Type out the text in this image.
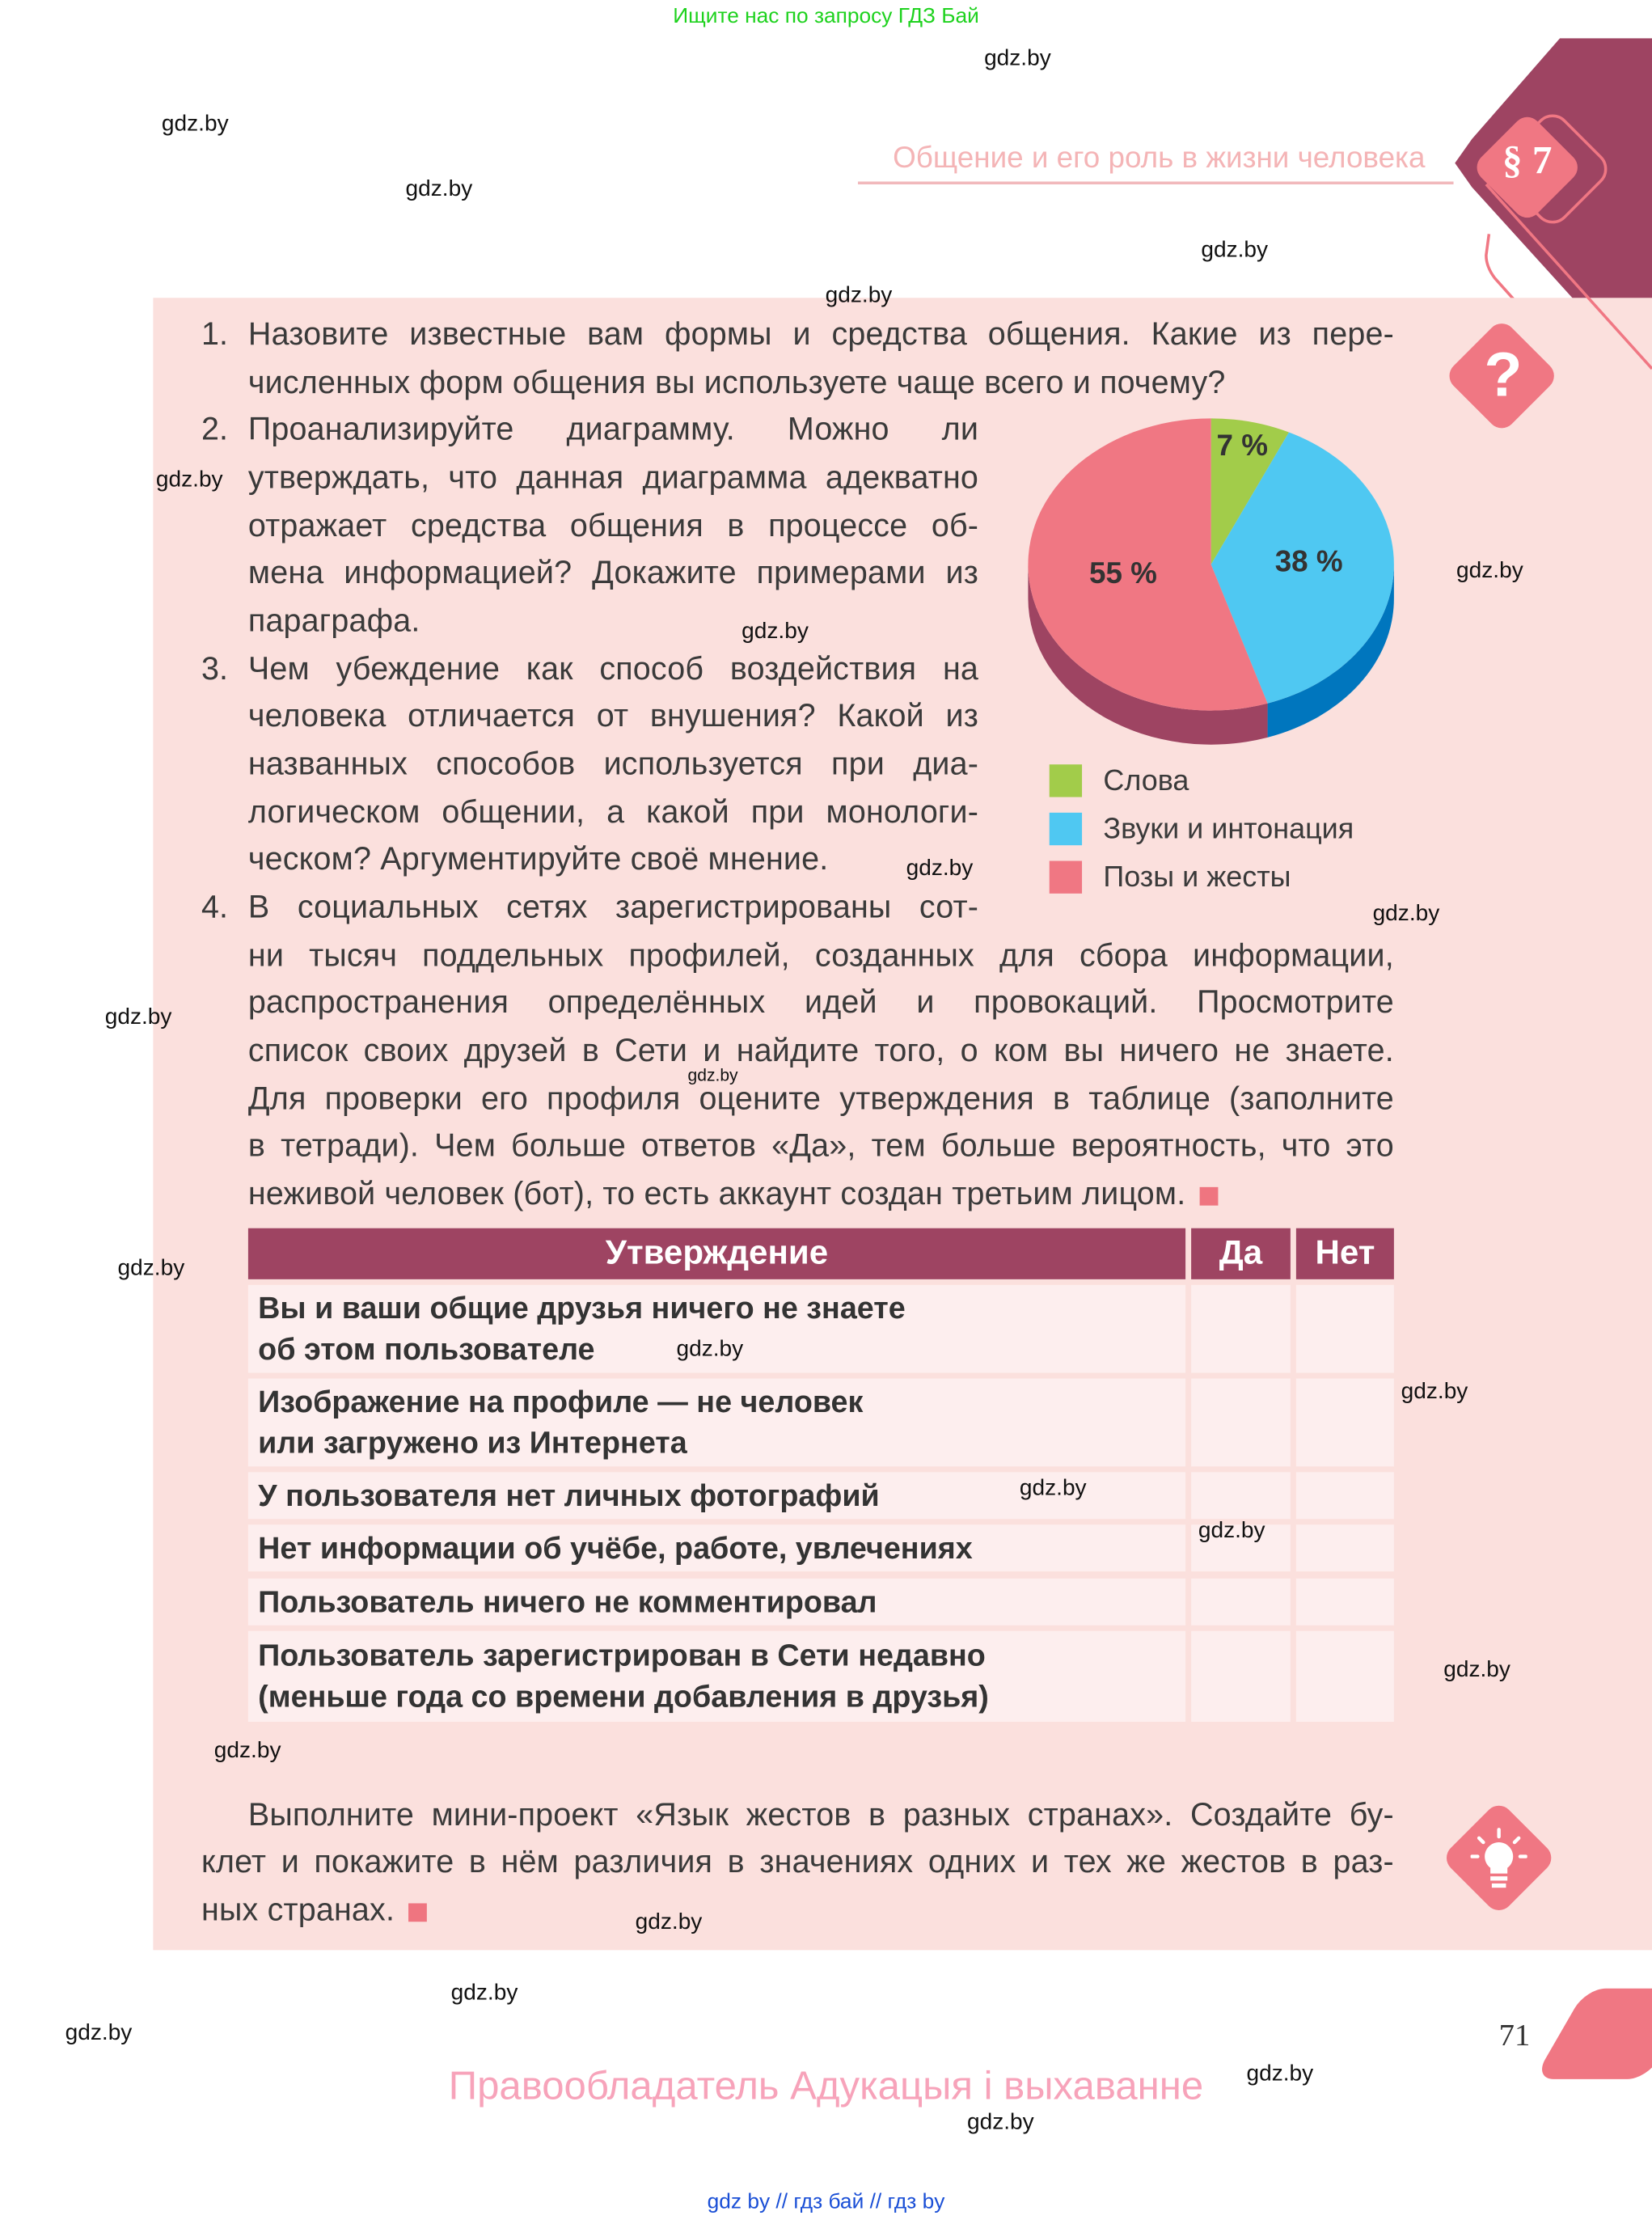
Ищите нас по запросу ГДЗ Бай
Общение и его роль в жизни человека	§ 7
?
1. Назовите известные вам формы и средства общения. Какие из пере-
численных форм общения вы используете чаще всего и почему?
2. Проанализируйте диаграмму. Можно ли
утверждать, что данная диаграмма адекватно
отражает средства общения в процессе об-
мена информацией? Докажите примерами из
параграфа.
3. Чем убеждение как способ воздействия на
человека отличается от внушения? Какой из
названных способов используется при диа-
логическом общении, а какой при монологи-
ческом? Аргументируйте своё мнение.
4. В социальных сетях зарегистрированы сот-
ни тысяч поддельных профилей, созданных для сбора информации,
распространения определённых идей и провокаций. Просмотрите
список своих друзей в Сети и найдите того, о ком вы ничего не знаете.
Для проверки его профиля оцените утверждения в таблице (заполните
в тетради). Чем больше ответов «Да», тем больше вероятность, что это
неживой человек (бот), то есть аккаунт создан третьим лицом.
7 %
38 %
55 %
Слова
Звуки и интонация
Позы и жесты
Утверждение	Да	Нет
Вы и ваши общие друзья ничего не знаете
об этом пользователе
Изображение на профиле — не человек
или загружено из Интернета
У пользователя нет личных фотографий
Нет информации об учёбе, работе, увлечениях
Пользователь ничего не комментировал
Пользователь зарегистрирован в Сети недавно
(меньше года со времени добавления в друзья)
Выполните мини-проект «Язык жестов в разных странах». Создайте бу-
клет и покажите в нём различия в значениях одних и тех же жестов в раз-
ных странах.
71
Правообладатель Адукацыя і выхаванне
gdz by // гдз бай // гдз by
gdz.by
gdz.by
gdz.by
gdz.by
gdz.by
gdz.by
gdz.by
gdz.by
gdz.by
gdz.by
gdz.by
gdz.by
gdz.by
gdz.by
gdz.by
gdz.by
gdz.by
gdz.by
gdz.by
gdz.by
gdz.by
gdz.by
gdz.by
gdz.by
